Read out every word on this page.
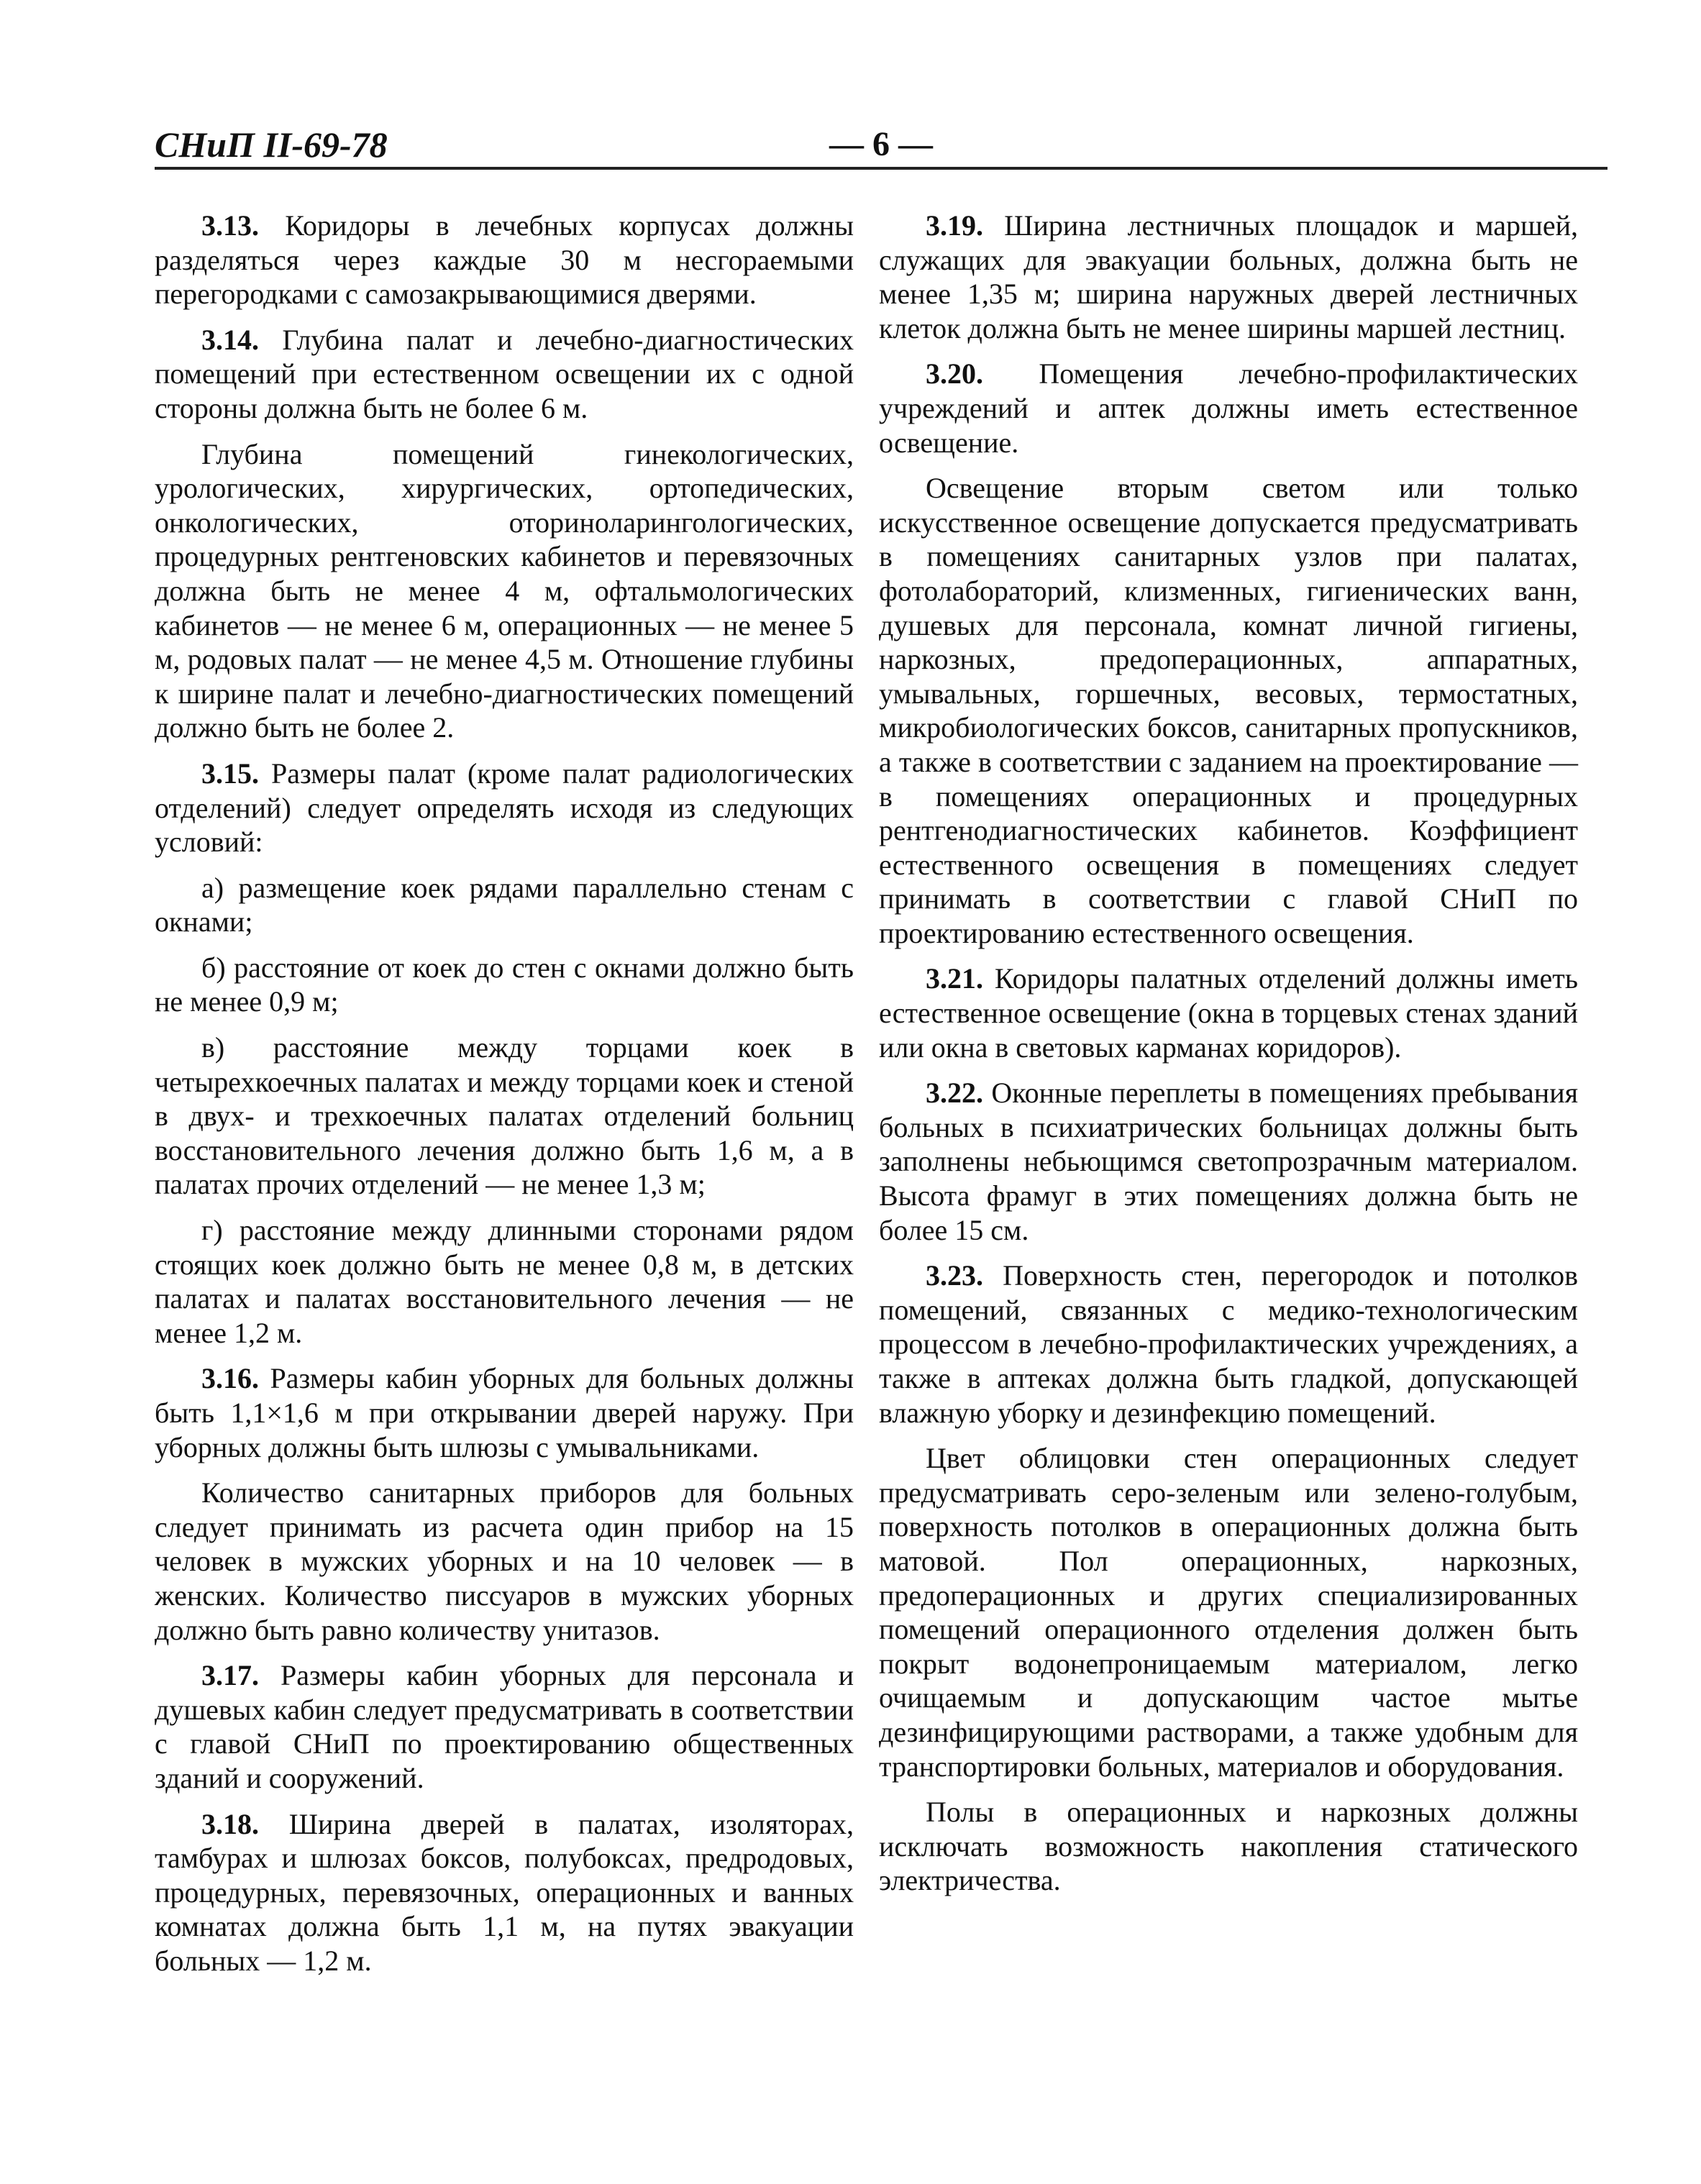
СНиП II-69-78	— 6 —

3.13. Коридоры в лечебных корпусах должны разделяться через каждые 30 м несгораемыми перегородками с самозакрывающимися дверями.

3.14. Глубина палат и лечебно-диагностических помещений при естественном освещении их с одной стороны должна быть не более 6 м.

Глубина помещений гинекологических, урологических, хирургических, ортопедических, онкологических, оториноларингологических, процедурных рентгеновских кабинетов и перевязочных должна быть не менее 4 м, офтальмологических кабинетов — не менее 6 м, операционных — не менее 5 м, родовых палат — не менее 4,5 м. Отношение глубины к ширине палат и лечебно-диагностических помещений должно быть не более 2.

3.15. Размеры палат (кроме палат радиологических отделений) следует определять исходя из следующих условий:

а) размещение коек рядами параллельно стенам с окнами;

б) расстояние от коек до стен с окнами должно быть не менее 0,9 м;

в) расстояние между торцами коек в четырехкоечных палатах и между торцами коек и стеной в двух- и трехкоечных палатах отделений больниц восстановительного лечения должно быть 1,6 м, а в палатах прочих отделений — не менее 1,3 м;

г) расстояние между длинными сторонами рядом стоящих коек должно быть не менее 0,8 м, в детских палатах и палатах восстановительного лечения — не менее 1,2 м.

3.16. Размеры кабин уборных для больных должны быть 1,1×1,6 м при открывании дверей наружу. При уборных должны быть шлюзы с умывальниками.

Количество санитарных приборов для больных следует принимать из расчета один прибор на 15 человек в мужских уборных и на 10 человек — в женских. Количество писсуаров в мужских уборных должно быть равно количеству унитазов.

3.17. Размеры кабин уборных для персонала и душевых кабин следует предусматривать в соответствии с главой СНиП по проектированию общественных зданий и сооружений.

3.18. Ширина дверей в палатах, изоляторах, тамбурах и шлюзах боксов, полубоксах, предродовых, процедурных, перевязочных, операционных и ванных комнатах должна быть 1,1 м, на путях эвакуации больных — 1,2 м.

3.19. Ширина лестничных площадок и маршей, служащих для эвакуации больных, должна быть не менее 1,35 м; ширина наружных дверей лестничных клеток должна быть не менее ширины маршей лестниц.

3.20. Помещения лечебно-профилактических учреждений и аптек должны иметь естественное освещение.

Освещение вторым светом или только искусственное освещение допускается предусматривать в помещениях санитарных узлов при палатах, фотолабораторий, клизменных, гигиенических ванн, душевых для персонала, комнат личной гигиены, наркозных, предоперационных, аппаратных, умывальных, горшечных, весовых, термостатных, микробиологических боксов, санитарных пропускников, а также в соответствии с заданием на проектирование — в помещениях операционных и процедурных рентгенодиагностических кабинетов. Коэффициент естественного освещения в помещениях следует принимать в соответствии с главой СНиП по проектированию естественного освещения.

3.21. Коридоры палатных отделений должны иметь естественное освещение (окна в торцевых стенах зданий или окна в световых карманах коридоров).

3.22. Оконные переплеты в помещениях пребывания больных в психиатрических больницах должны быть заполнены небьющимся светопрозрачным материалом. Высота фрамуг в этих помещениях должна быть не более 15 см.

3.23. Поверхность стен, перегородок и потолков помещений, связанных с медико-технологическим процессом в лечебно-профилактических учреждениях, а также в аптеках должна быть гладкой, допускающей влажную уборку и дезинфекцию помещений.

Цвет облицовки стен операционных следует предусматривать серо-зеленым или зелено-голубым, поверхность потолков в операционных должна быть матовой. Пол операционных, наркозных, предоперационных и других специализированных помещений операционного отделения должен быть покрыт водонепроницаемым материалом, легко очищаемым и допускающим частое мытье дезинфицирующими растворами, а также удобным для транспортировки больных, материалов и оборудования.

Полы в операционных и наркозных должны исключать возможность накопления статического электричества.
